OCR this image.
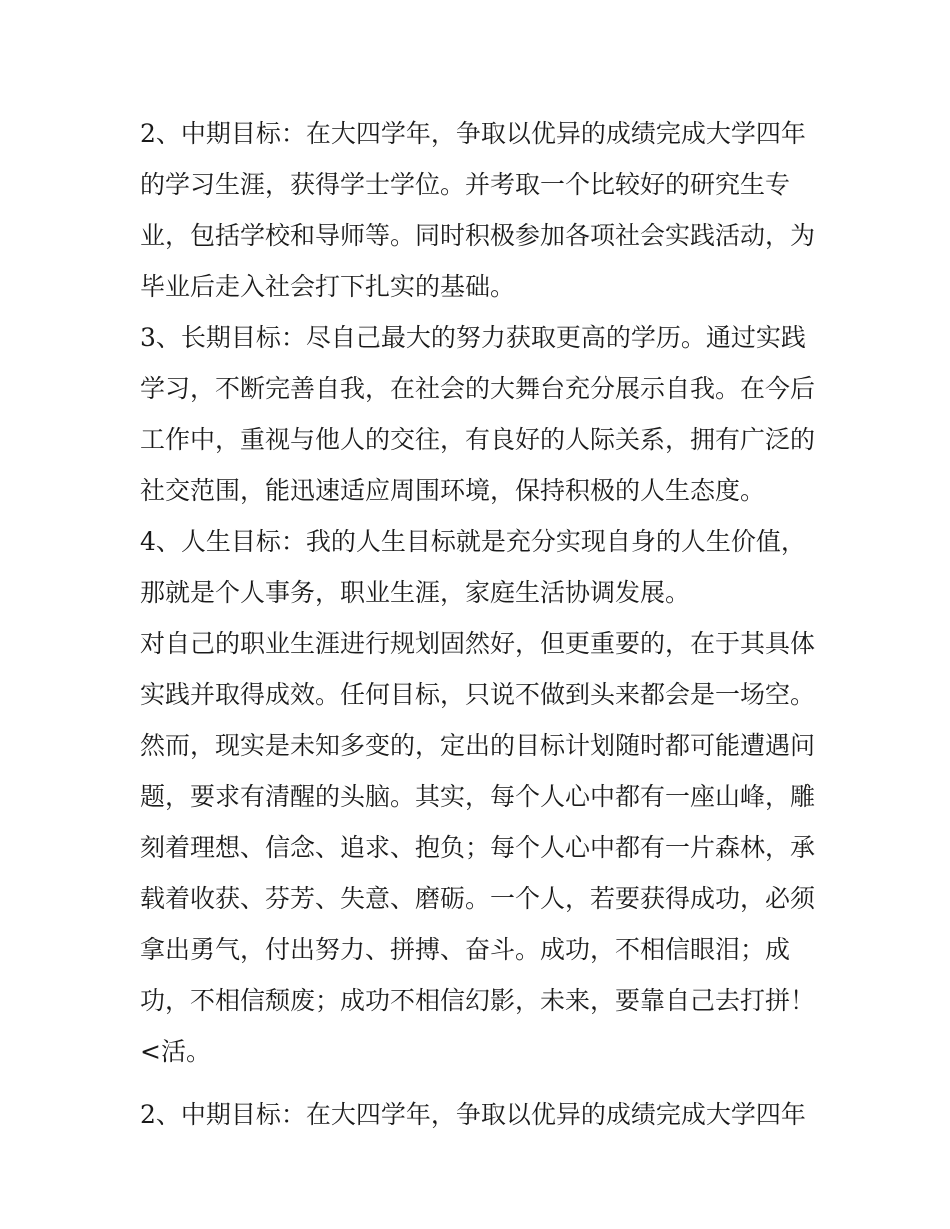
2、中期目标：在大四学年，争取以优异的成绩完成大学四年
的学习生涯，获得学士学位。并考取一个比较好的研究生专
业，包括学校和导师等。同时积极参加各项社会实践活动，为
毕业后走入社会打下扎实的基础。
3、长期目标：尽自己最大的努力获取更高的学历。通过实践
学习，不断完善自我，在社会的大舞台充分展示自我。在今后
工作中，重视与他人的交往，有良好的人际关系，拥有广泛的
社交范围，能迅速适应周围环境，保持积极的人生态度。
4、人生目标：我的人生目标就是充分实现自身的人生价值，
那就是个人事务，职业生涯，家庭生活协调发展。
对自己的职业生涯进行规划固然好，但更重要的，在于其具体
实践并取得成效。任何目标，只说不做到头来都会是一场空。
然而，现实是未知多变的，定出的目标计划随时都可能遭遇问
题，要求有清醒的头脑。其实，每个人心中都有一座山峰，雕
刻着理想、信念、追求、抱负；每个人心中都有一片森林，承
载着收获、芬芳、失意、磨砺。一个人，若要获得成功，必须
拿出勇气，付出努力、拼搏、奋斗。成功，不相信眼泪；成
功，不相信颓废；成功不相信幻影，未来，要靠自己去打拼！
<活。
2、中期目标：在大四学年，争取以优异的成绩完成大学四年
